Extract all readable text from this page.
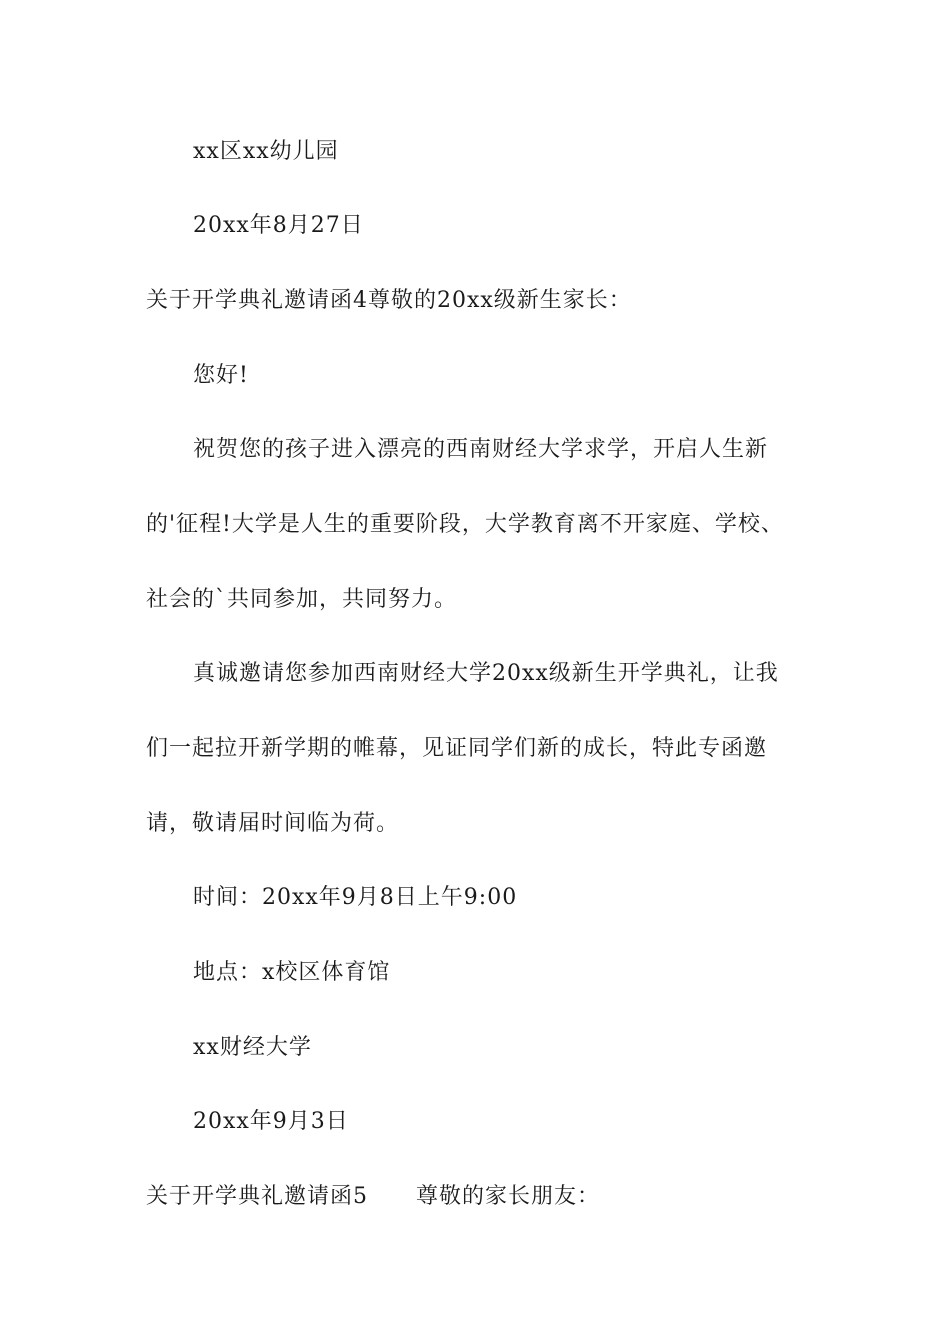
xx区xx幼儿园
20xx年8月27日
关于开学典礼邀请函4尊敬的20xx级新生家长：
您好!
祝贺您的孩子进入漂亮的西南财经大学求学，开启人生新
的'征程!大学是人生的重要阶段，大学教育离不开家庭、学校、
社会的`共同参加，共同努力。
真诚邀请您参加西南财经大学20xx级新生开学典礼，让我
们一起拉开新学期的帷幕，见证同学们新的成长，特此专函邀
请，敬请届时间临为荷。
时间：20xx年9月8日上午9:00
地点：x校区体育馆
xx财经大学
20xx年9月3日
关于开学典礼邀请函5 尊敬的家长朋友：
